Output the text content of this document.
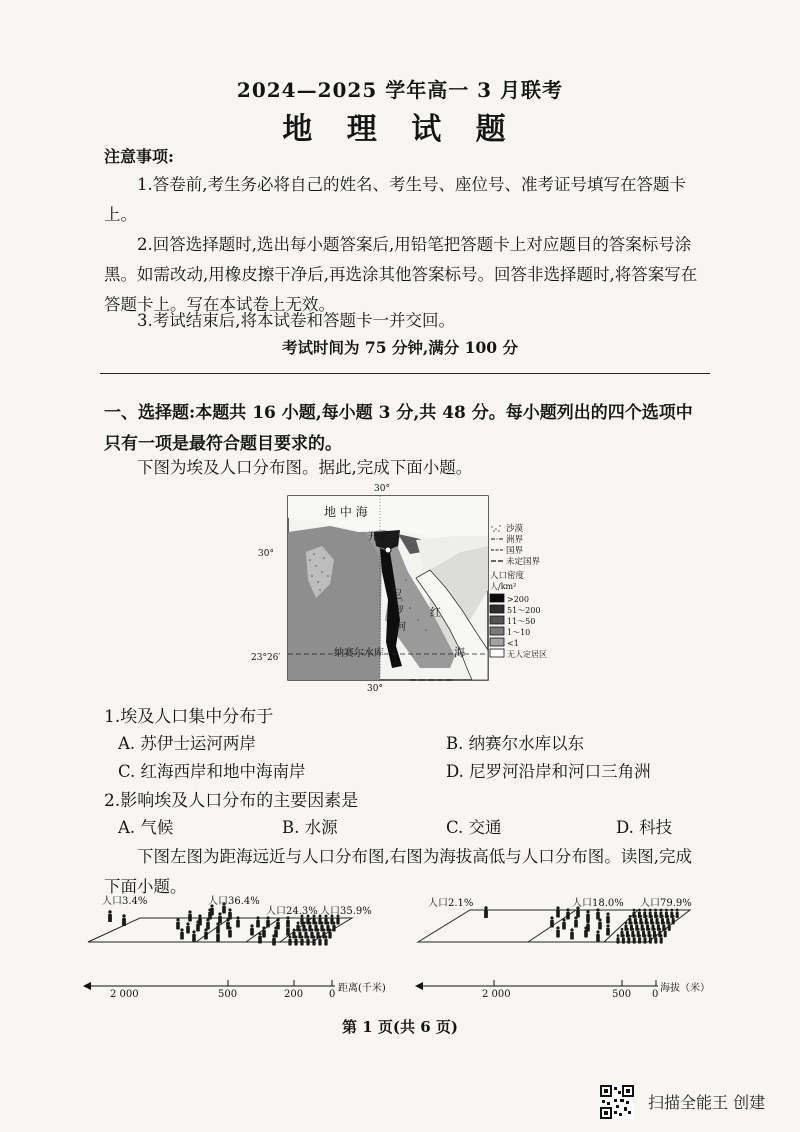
2024—2025 学年高一 3 月联考
地 理 试 题
注意事项:
1.答卷前,考生务必将自己的姓名、考生号、座位号、准考证号填写在答题卡上。
2.回答选择题时,选出每小题答案后,用铅笔把答题卡上对应题目的答案标号涂黑。如需改动,用橡皮擦干净后,再选涂其他答案标号。回答非选择题时,将答案写在答题卡上。写在本试卷上无效。
3.考试结束后,将本试卷和答题卡一并交回。
考试时间为 75 分钟,满分 100 分
一、选择题:本题共 16 小题,每小题 3 分,共 48 分。每小题列出的四个选项中只有一项是最符合题目要求的。
下图为埃及人口分布图。据此,完成下面小题。
30°
30°
23°26′
30°
地 中 海
开罗
尼
罗
河
纳赛尔水库
红
海
沙漠
洲界
国界
未定国界
人口密度
人/km²
>200
51～200
11～50
1～10
<1
无人定居区
1.埃及人口集中分布于
A. 苏伊士运河两岸	B. 纳赛尔水库以东
C. 红海西岸和地中海南岸	D. 尼罗河沿岸和河口三角洲
2.影响埃及人口分布的主要因素是
A. 气候	B. 水源	C. 交通	D. 科技
下图左图为距海远近与人口分布图,右图为海拔高低与人口分布图。读图,完成下面小题。
人口3.4%	人口36.4%
人口24.3% 人口35.9%
2 000	500	200	0
距离(千米)
人口2.1%	人口18.0% 人口79.9%
2 000	500 0
海拔（米）
第 1 页(共 6 页)
扫描全能王 创建
